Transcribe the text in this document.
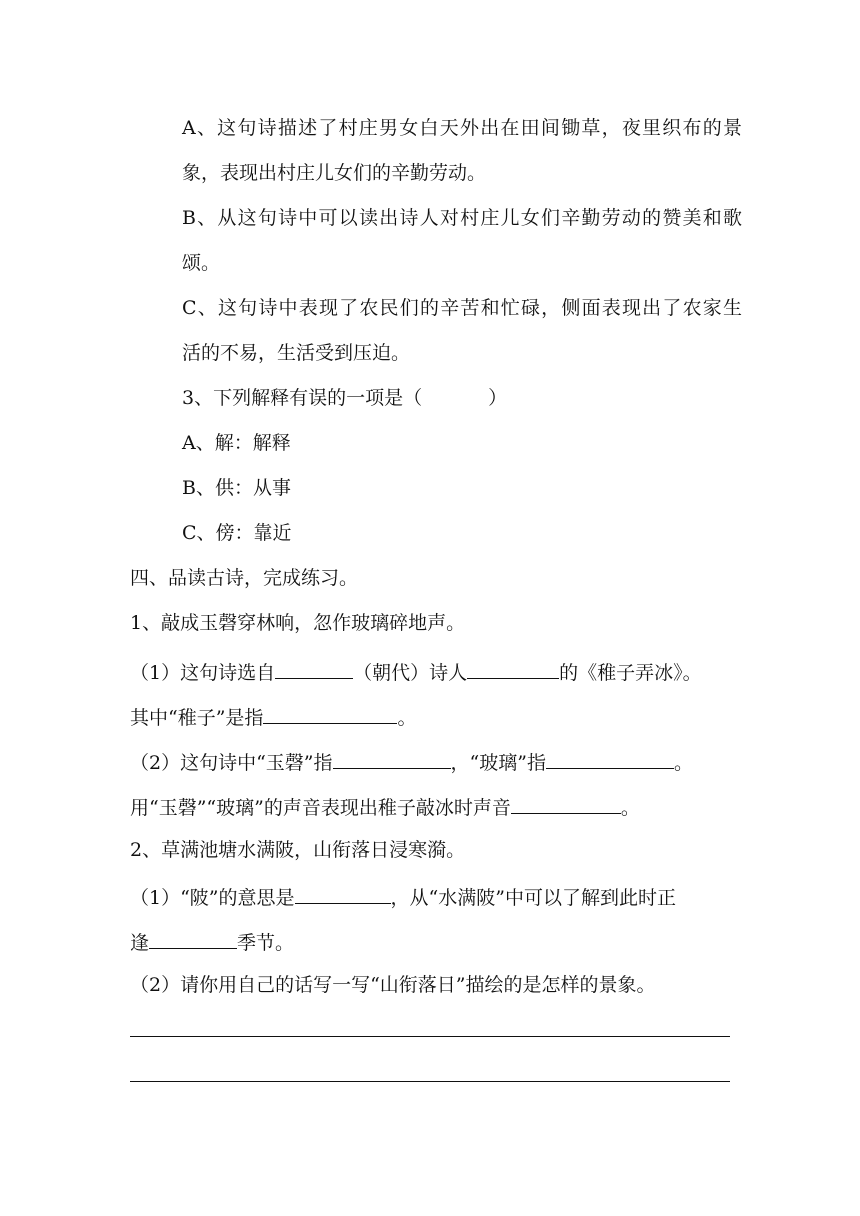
A、这句诗描述了村庄男女白天外出在田间锄草，夜里织布的景
象，表现出村庄儿女们的辛勤劳动。
B、从这句诗中可以读出诗人对村庄儿女们辛勤劳动的赞美和歌
颂。
C、这句诗中表现了农民们的辛苦和忙碌，侧面表现出了农家生
活的不易，生活受到压迫。
3、下列解释有误的一项是（	）
A、解：解释
B、供：从事
C、傍：靠近
四、品读古诗，完成练习。
1、敲成玉磬穿林响，忽作玻璃碎地声。
（1）这句诗选自	（朝代）诗人	的《稚子弄冰》。
其中“稚子”是指	。
（2）这句诗中“玉磬”指	，“玻璃”指	。
用“玉磬”“玻璃”的声音表现出稚子敲冰时声音	。
2、草满池塘水满陂，山衔落日浸寒漪。
（1）“陂”的意思是	，从“水满陂”中可以了解到此时正
逢	季节。
（2）请你用自己的话写一写“山衔落日”描绘的是怎样的景象。
